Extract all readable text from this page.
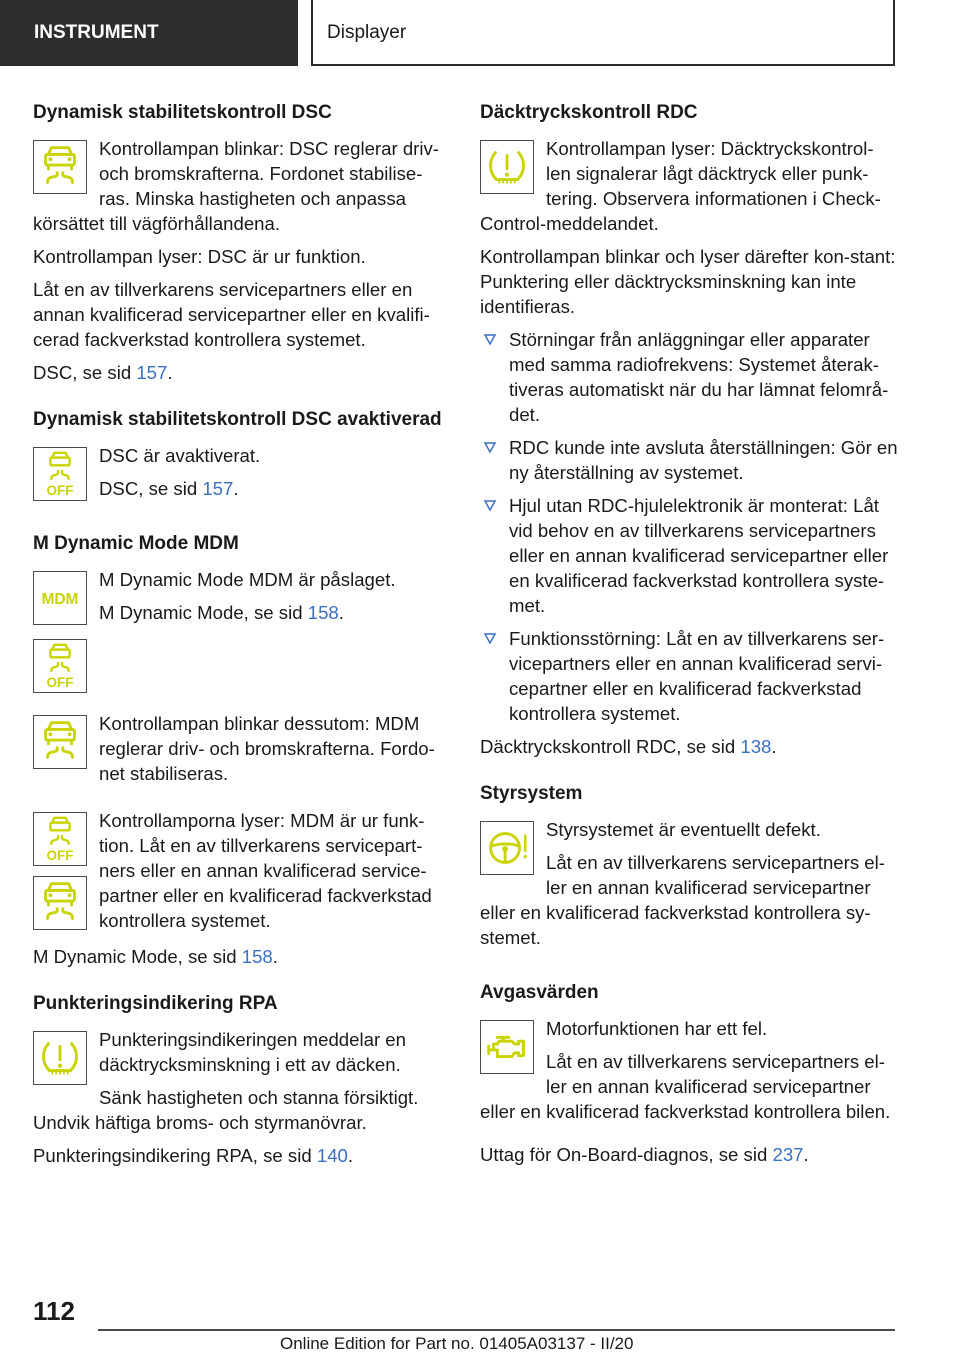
INSTRUMENT	Displayer
Dynamisk stabilitetskontroll DSC

Kontrollampan blinkar: DSC reglerar driv- och bromskrafterna. Fordonet stabilise-ras. Minska hastigheten och anpassa körsättet till vägförhållandena.

Kontrollampan lyser: DSC är ur funktion.

Låt en av tillverkarens servicepartners eller en annan kvalificerad servicepartner eller en kvalifi-cerad fackverkstad kontrollera systemet.

DSC, se sid 157.

Dynamisk stabilitetskontroll DSC avaktiverad
OFF

DSC är avaktiverat.

DSC, se sid 157.

M Dynamic Mode MDM
MDM

M Dynamic Mode MDM är påslaget.

M Dynamic Mode, se sid 158.

OFF

Kontrollampan blinkar dessutom: MDM reglerar driv- och bromskrafterna. Fordo-net stabiliseras.

OFF

Kontrollamporna lyser: MDM är ur funk-tion. Låt en av tillverkarens servicepart-ners eller en annan kvalificerad service-partner eller en kvalificerad fackverkstad kontrollera systemet.

M Dynamic Mode, se sid 158.

Punkteringsindikering RPA

Punkteringsindikeringen meddelar en däcktrycksminskning i ett av däcken.

Sänk hastigheten och stanna försiktigt. Undvik häftiga broms- och styrmanövrar.

Punkteringsindikering RPA, se sid 140.

Däcktryckskontroll RDC

Kontrollampan lyser: Däcktryckskontrol-len signalerar lågt däcktryck eller punk-tering. Observera informationen i Check-Control-meddelandet.

Kontrollampan blinkar och lyser därefter kon-stant: Punktering eller däcktrycksminskning kan inte identifieras.

Störningar från anläggningar eller apparater med samma radiofrekvens: Systemet återak-tiveras automatiskt när du har lämnat felområ-det.
RDC kunde inte avsluta återställningen: Gör en ny återställning av systemet.
Hjul utan RDC-hjulelektronik är monterat: Låt vid behov en av tillverkarens servicepartners eller en annan kvalificerad servicepartner eller en kvalificerad fackverkstad kontrollera syste-met.
Funktionsstörning: Låt en av tillverkarens ser-vicepartners eller en annan kvalificerad servi-cepartner eller en kvalificerad fackverkstad kontrollera systemet.

Däcktryckskontroll RDC, se sid 138.

Styrsystem

Styrsystemet är eventuellt defekt.

Låt en av tillverkarens servicepartners el-ler en annan kvalificerad servicepartner eller en kvalificerad fackverkstad kontrollera sy-stemet.

Avgasvärden

Motorfunktionen har ett fel.

Låt en av tillverkarens servicepartners el-ler en annan kvalificerad servicepartner eller en kvalificerad fackverkstad kontrollera bilen.

Uttag för On-Board-diagnos, se sid 237.

112
Online Edition for Part no. 01405A03137 - II/20
